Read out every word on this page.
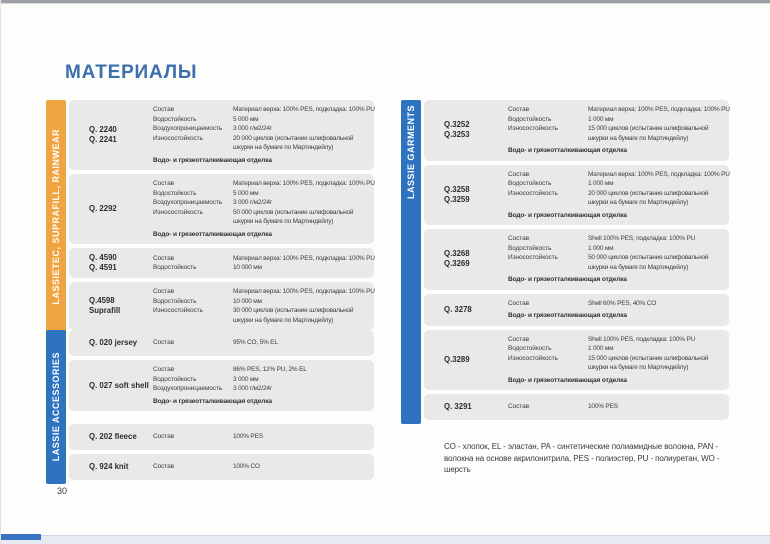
МАТЕРИАЛЫ
LASSIETEC, SUPRAFILL, RAINWEAR	Q. 2240
Q. 2241
Состав	Материал верха: 100% PES, подкладка: 100% PU
Водостойкость	5 000 мм
Воздухопроницаемость	3 000 г/м2/24г
Износостойкость	20 000 циклов (испытание шлифовальной шкурки на бумаге по Мартиндейлу)
Водо- и грязеотталкивающая отделка
Q. 2292
Состав	Материал верха: 100% PES, подкладка: 100% PU
Водостойкость	5 000 мм
Воздухопроницаемость	3 000 г/м2/24г
Износостойкость	50 000 циклов (испытание шлифовальной шкурки на бумаге по Мартиндейлу)
Водо- и грязеотталкивающая отделка
Q. 4590
Q. 4591
Состав	Материал верха: 100% PES, подкладка: 100% PU
Водостойкость	10 000 мм
Q.4598
Suprafill
Состав	Материал верха: 100% PES, подкладка: 100% PU
Водостойкость	10 000 мм
Износостойкость	30 000 циклов (испытание шлифовальной шкурки на бумаге по Мартиндейлу)
LASSIE ACCESSORIES
Q. 020 jersey	Состав	95% CO, 5% EL
Q. 027 soft shell
Состав	86% PES, 12% PU, 2% EL
Водостойкость	3 000 мм
Воздухопроницаемость	3 000 г/м2/24г
Водо- и грязеотталкивающая отделка
Q. 202 fleece	Состав	100% PES
Q. 924 knit	Состав	100% CO
LASSIE GARMENTS	Q.3252
Q.3253
Состав	Материал верха: 100% PES, подкладка: 100% PU
Водостойкость	1 000 мм
Износостойкость	15 000 циклов (испытание шлифовальной шкурки на бумаге по Мартиндейлу)
Водо- и грязеотталкивающая отделка
Q.3258
Q.3259
Состав	Материал верха: 100% PES, подкладка: 100% PU
Водостойкость	1 000 мм
Износостойкость	20 000 циклов (испытание шлифовальной шкурки на бумаге по Мартиндейлу)
Водо- и грязеотталкивающая отделка
Q.3268
Q.3269
Состав	Shell 100% PES, подкладка: 100% PU
Водостойкость	1 000 мм
Износостойкость	50 000 циклов (испытание шлифовальной шкурки на бумаге по Мартиндейлу)
Водо- и грязеотталкивающая отделка
Q. 3278
Состав	Shell 60% PES, 40% CO
Водо- и грязеотталкивающая отделка
Q.3289
Состав	Shell 100% PES, подкладка: 100% PU
Водостойкость	1 000 мм
Износостойкость	15 000 циклов (испытание шлифовальной шкурки на бумаге по Мартиндейлу)
Водо- и грязеотталкивающая отделка
Q. 3291	Состав	100% PES
CO - хлопок, EL - эластан, PA - синтетические полиамидные волокна, PAN - волокна на основе акрилонитрила, PES - полиэстер, PU - полиуретан, WO - шерсть
30
